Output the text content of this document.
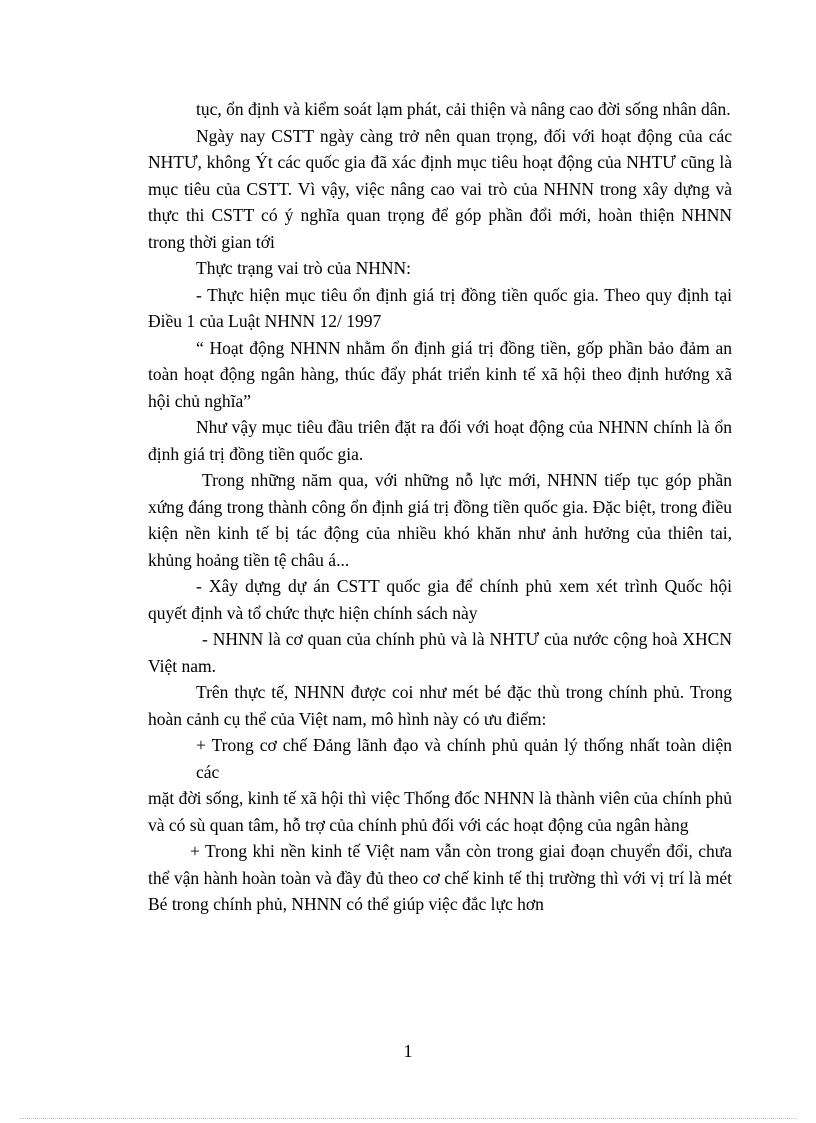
tục, ổn định và kiểm soát lạm phát, cải thiện và nâng cao đời sống nhân dân.

Ngày nay CSTT ngày càng trở nên quan trọng, đối với hoạt động của các NHTƯ, không Ýt các quốc gia đã xác định mục tiêu hoạt động của NHTƯ cũng là mục tiêu của CSTT. Vì vậy, việc nâng cao vai trò của NHNN trong xây dựng và thực thi CSTT có ý nghĩa quan trọng để góp phần đổi mới, hoàn thiện NHNN trong thời gian tới

Thực trạng vai trò của NHNN:

- Thực hiện mục tiêu ổn định giá trị đồng tiền quốc gia. Theo quy định tại Điều 1 của Luật NHNN 12/ 1997

“ Hoạt động NHNN nhằm ổn định giá trị đồng tiền, gốp phần bảo đảm an toàn hoạt động ngân hàng, thúc đẩy phát triển kinh tế xã hội theo định hướng xã hội chủ nghĩa”

Như vậy mục tiêu đầu triên đặt ra đối với hoạt động của NHNN chính là ổn định giá trị đồng tiền quốc gia.

Trong những năm qua, với những nỗ lực mới, NHNN tiếp tục góp phần xứng đáng trong thành công ổn định giá trị đồng tiền quốc gia. Đặc biệt, trong điều kiện nền kinh tế bị tác động của nhiều khó khăn như ảnh hưởng của thiên tai, khủng hoảng tiền tệ châu á...

- Xây dựng dự án CSTT quốc gia để chính phủ xem xét trình Quốc hội quyết định và tổ chức thực hiện chính sách này

- NHNN là cơ quan của chính phủ và là NHTƯ của nước cộng hoà XHCN Việt nam.

Trên thực tế, NHNN được coi như mét bé đặc thù trong chính phủ. Trong hoàn cảnh cụ thể của Việt nam, mô hình này có ưu điểm:

+ Trong cơ chế Đảng lãnh đạo và chính phủ quản lý thống nhất toàn diện các

mặt đời sống, kinh tế xã hội thì việc Thống đốc NHNN là thành viên của chính phủ và có sù quan tâm, hỗ trợ của chính phủ đối với các hoạt động của ngân hàng

+ Trong khi nền kinh tế Việt nam vẫn còn trong giai đoạn chuyển đổi, chưa thể vận hành hoàn toàn và đầy đủ theo cơ chế kinh tế thị trường thì với vị trí là mét Bé trong chính phủ, NHNN có thể giúp việc đắc lực hơn

1
